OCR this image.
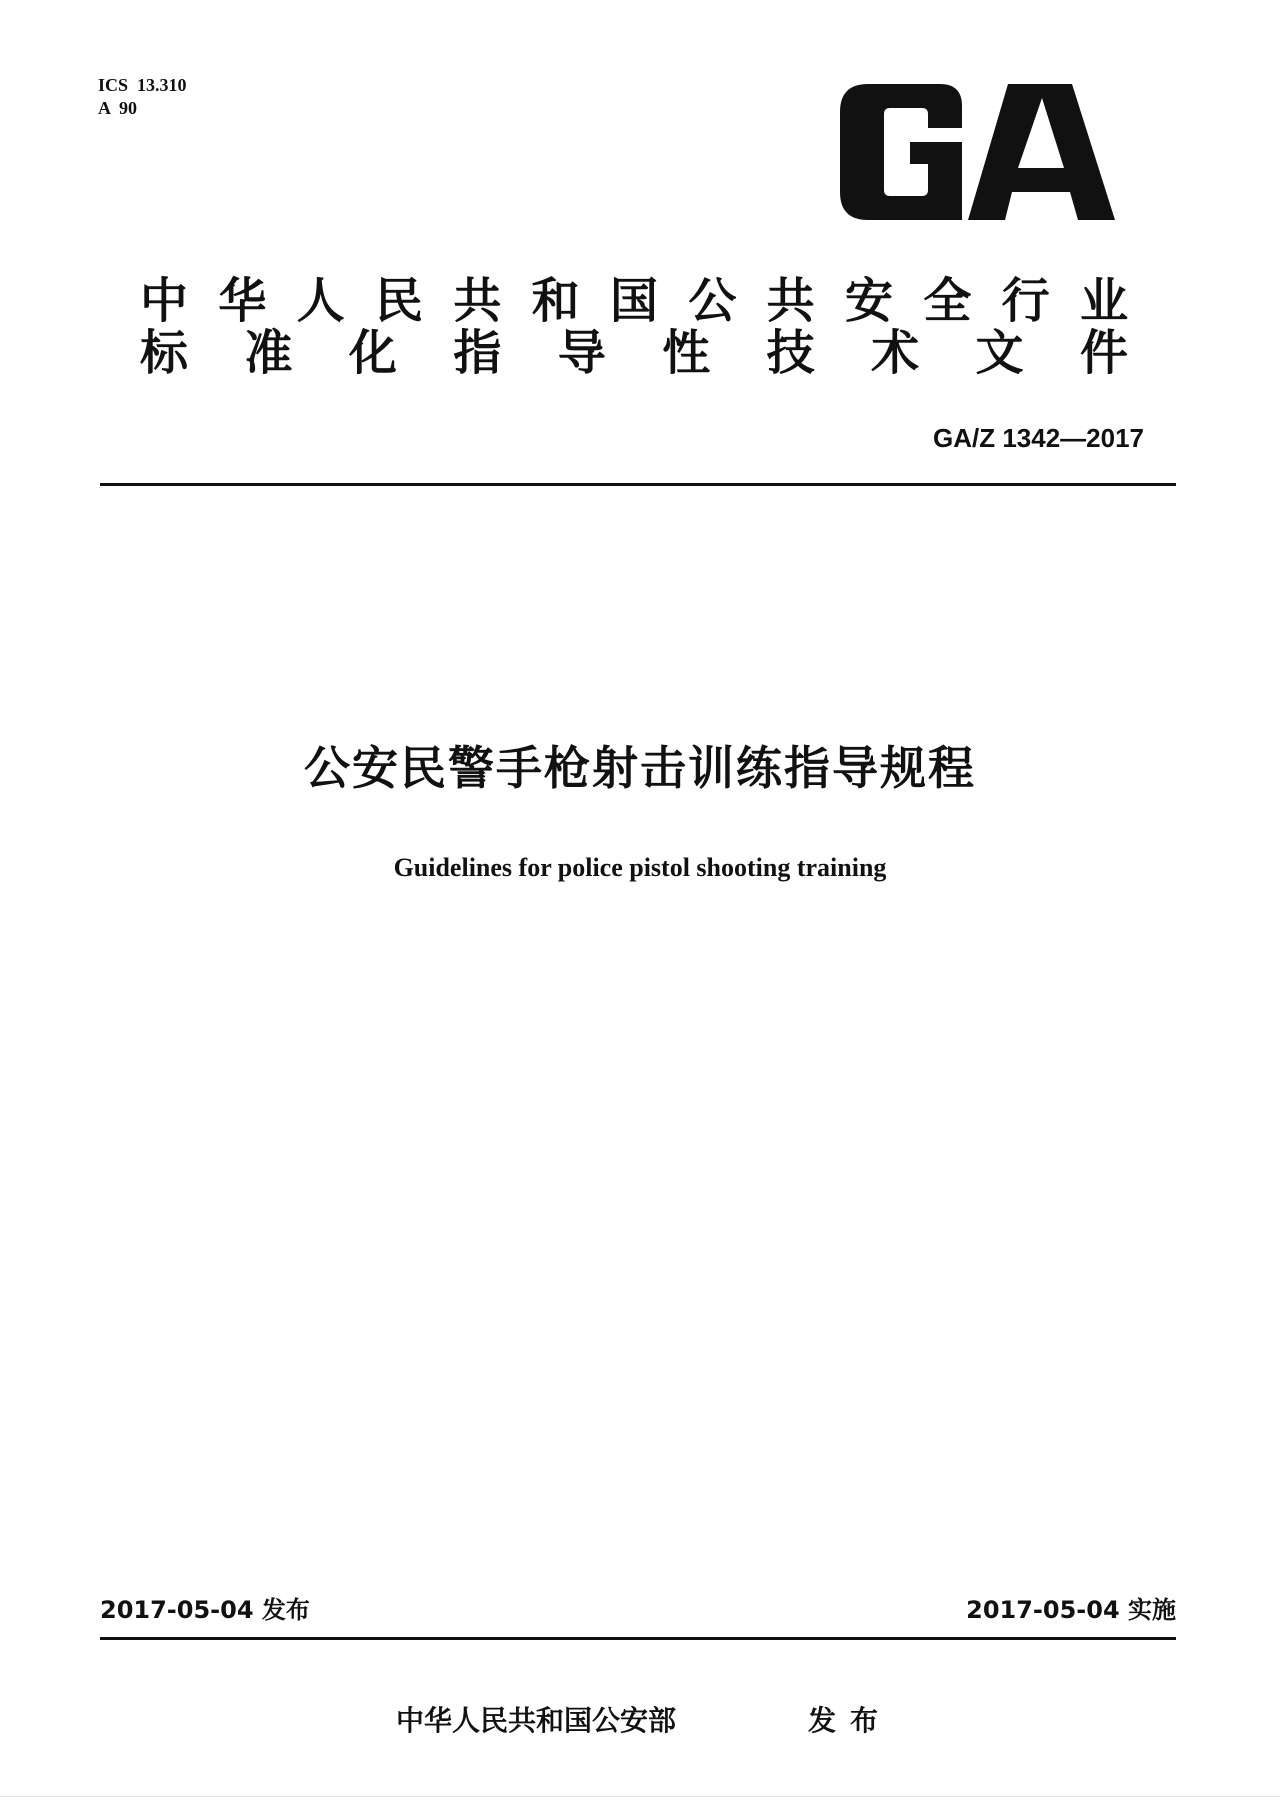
ICS  13.310
A  90
中华人民共和国公共安全行业
标准化指导性技术文件
GA/Z 1342—2017
公安民警手枪射击训练指导规程
Guidelines for police pistol shooting training
2017-05-04 发布	2017-05-04 实施
中华人民共和国公安部	发布
